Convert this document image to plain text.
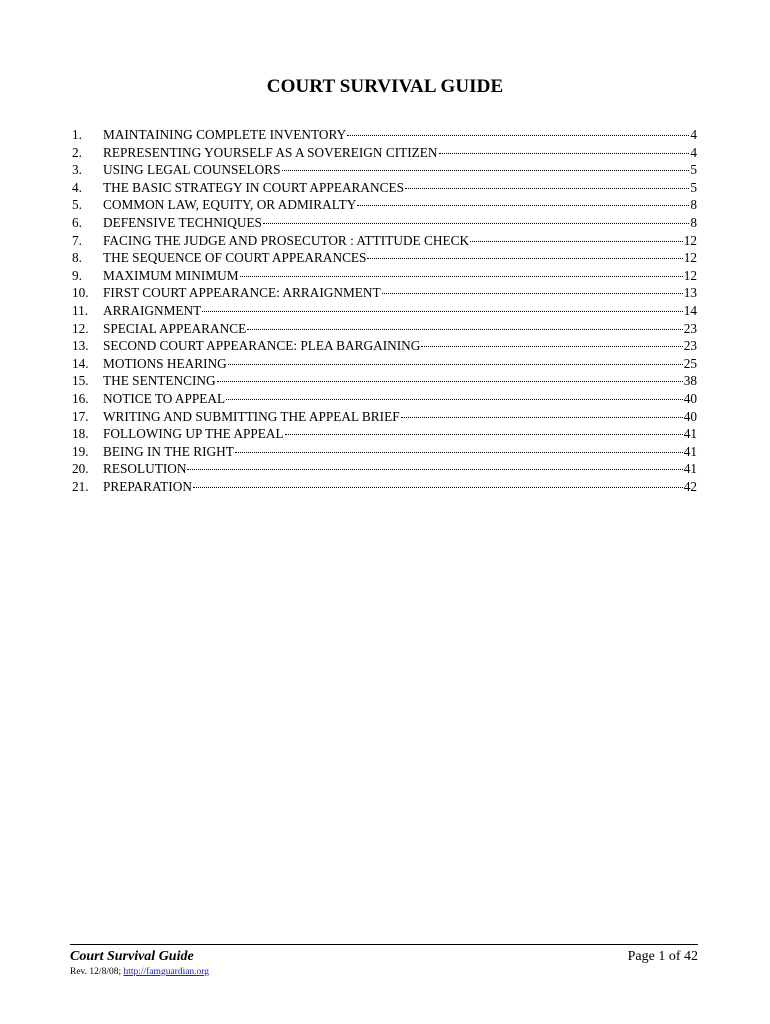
COURT SURVIVAL GUIDE
1.	MAINTAINING COMPLETE INVENTORY	4
2.	REPRESENTING YOURSELF AS A SOVEREIGN CITIZEN	4
3.	USING LEGAL COUNSELORS	5
4.	THE BASIC STRATEGY IN COURT APPEARANCES	5
5.	COMMON LAW, EQUITY, OR ADMIRALTY	8
6.	DEFENSIVE TECHNIQUES	8
7.	FACING THE JUDGE AND PROSECUTOR : ATTITUDE CHECK	12
8.	THE SEQUENCE OF COURT APPEARANCES	12
9.	MAXIMUM MINIMUM	12
10.	FIRST COURT APPEARANCE: ARRAIGNMENT	13
11.	ARRAIGNMENT	14
12.	SPECIAL APPEARANCE	23
13.	SECOND COURT APPEARANCE: PLEA BARGAINING	23
14.	MOTIONS HEARING	25
15.	THE SENTENCING	38
16.	NOTICE TO APPEAL	40
17.	WRITING AND SUBMITTING THE APPEAL BRIEF	40
18.	FOLLOWING UP THE APPEAL	41
19.	BEING IN THE RIGHT	41
20.	RESOLUTION	41
21.	PREPARATION	42
Court Survival Guide	Page 1 of 42
Rev. 12/8/08; http://famguardian.org
